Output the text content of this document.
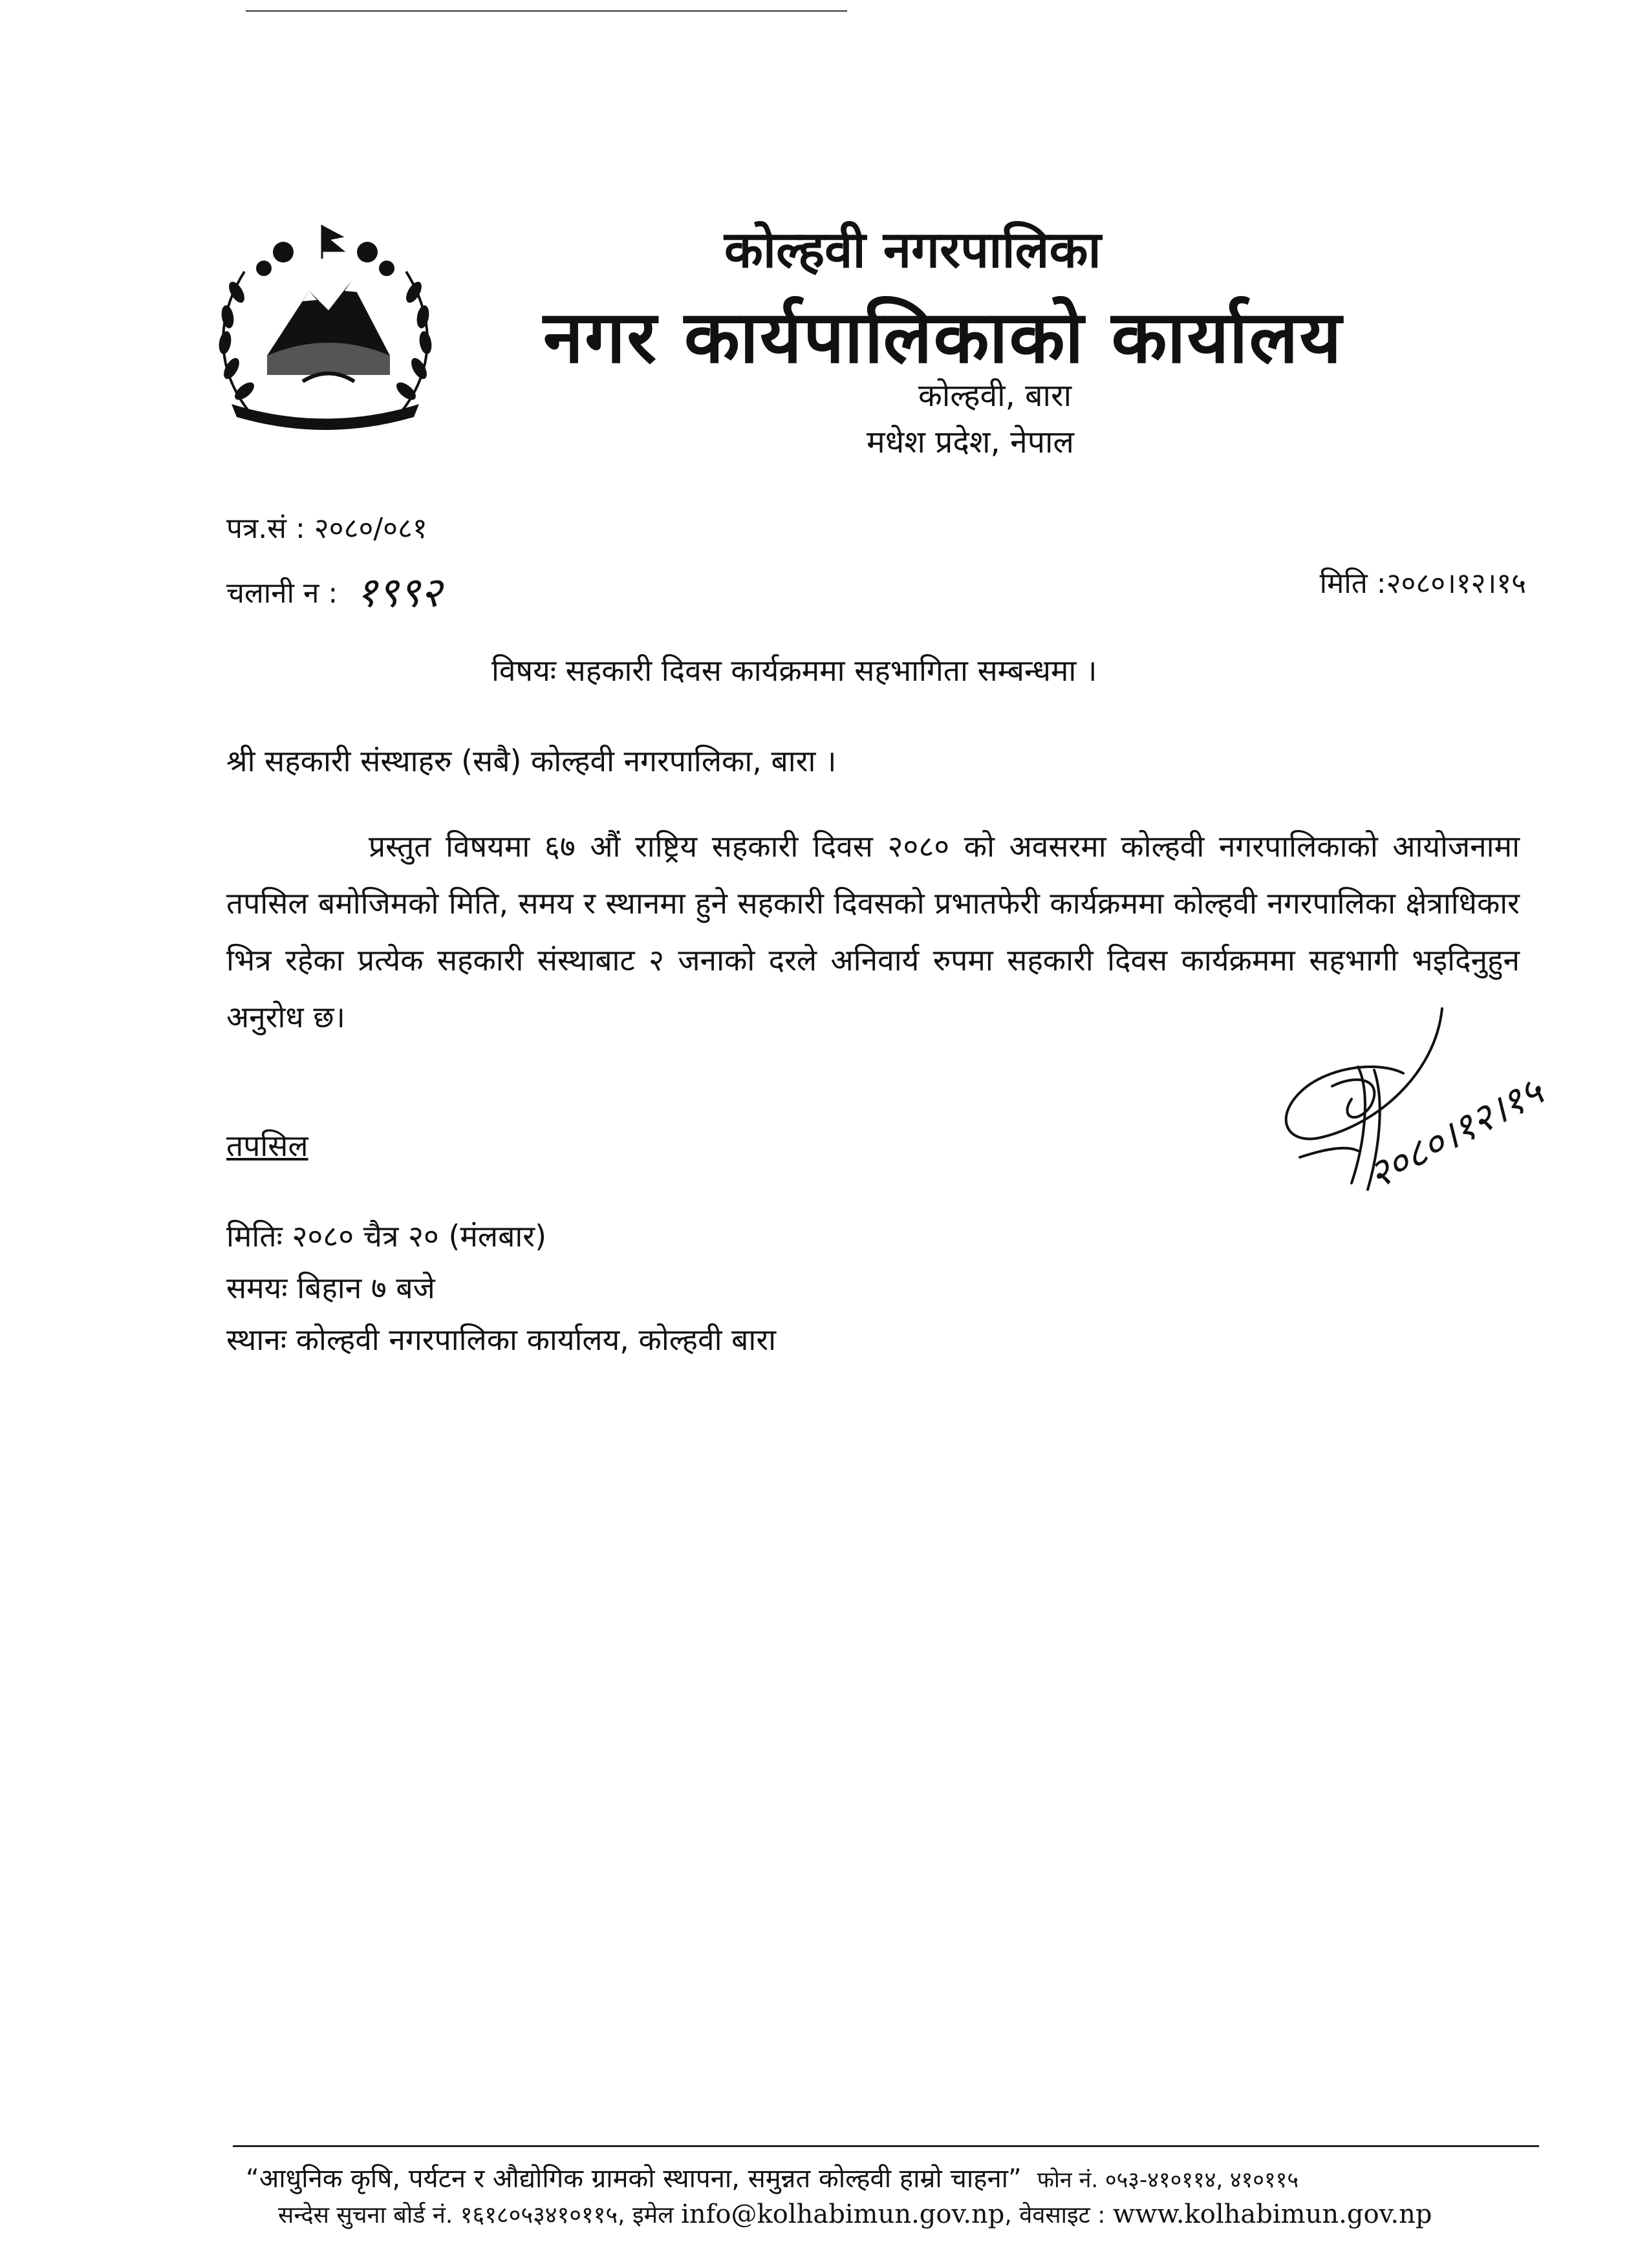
जननी जन्मभूमिश्च स्वर्गादपि गरीयसी
कोल्हवी नगरपालिका
नगर कार्यपालिकाको कार्यालय
कोल्हवी, बारा
मधेश प्रदेश, नेपाल
पत्र.सं : २०८०/०८१
चलानी न : १९९२	मिति :२०८०।१२।१५
विषयः सहकारी दिवस कार्यक्रममा सहभागिता सम्बन्धमा ।
श्री सहकारी संस्थाहरु (सबै) कोल्हवी नगरपालिका, बारा ।
प्रस्तुत विषयमा ६७ औं राष्ट्रिय सहकारी दिवस २०८० को अवसरमा कोल्हवी नगरपालिकाको आयोजनामा तपसिल बमोजिमको मिति, समय र स्थानमा हुने सहकारी दिवसको प्रभातफेरी कार्यक्रममा कोल्हवी नगरपालिका क्षेत्राधिकार भित्र रहेका प्रत्येक सहकारी संस्थाबाट २ जनाको दरले अनिवार्य रुपमा सहकारी दिवस कार्यक्रममा सहभागी भइदिनुहुन अनुरोध छ।
२०८०।१२।१५
तपसिल
मितिः २०८० चैत्र २० (मंलबार)
समयः बिहान ७ बजे
स्थानः कोल्हवी नगरपालिका कार्यालय, कोल्हवी बारा
“आधुनिक कृषि, पर्यटन र औद्योगिक ग्रामको स्थापना, समुन्नत कोल्हवी हाम्रो चाहना” फोन नं. ०५३-४१०११४, ४१०११५
सन्देस सुचना बोर्ड नं. १६१८०५३४१०११५, इमेल info@kolhabimun.gov.np, वेवसाइट : www.kolhabimun.gov.np
